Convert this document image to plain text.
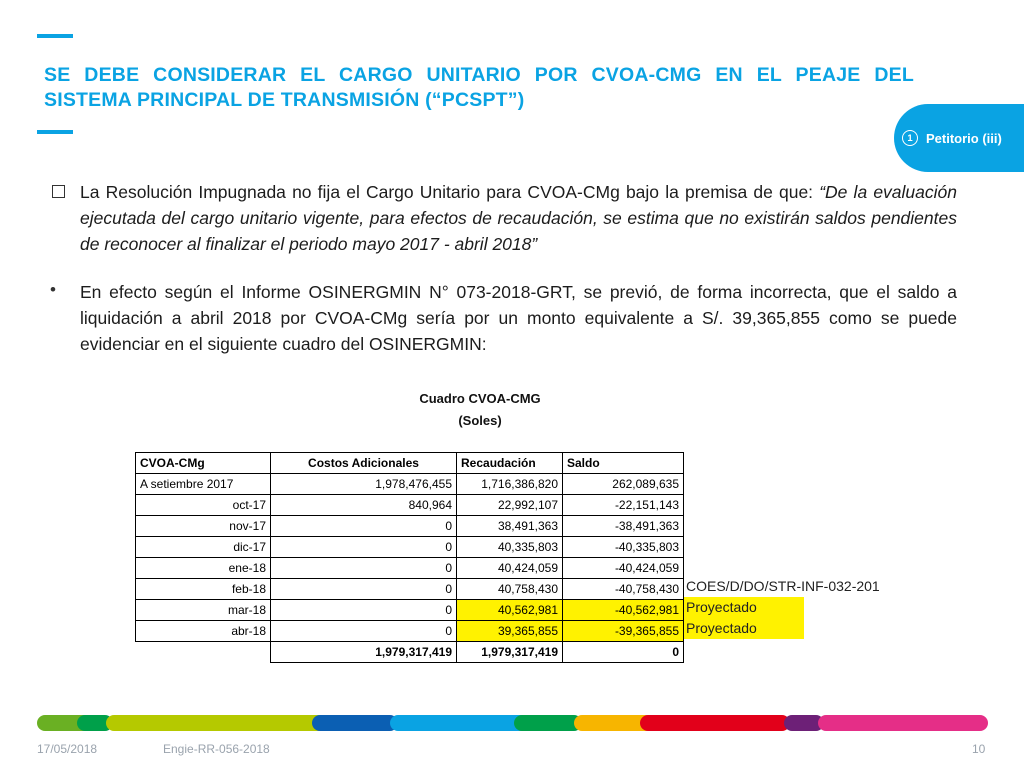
SE DEBE CONSIDERAR EL CARGO UNITARIO POR CVOA-CMG EN EL PEAJE DEL SISTEMA PRINCIPAL DE TRANSMISIÓN (“PCSPT”)
1	Petitorio (iii)
La Resolución Impugnada no fija el Cargo Unitario para CVOA-CMg bajo la premisa de que: “De la evaluación ejecutada del cargo unitario vigente, para efectos de recaudación, se estima que no existirán saldos pendientes de reconocer al finalizar el periodo mayo 2017 - abril 2018”
• En efecto según el Informe OSINERGMIN N° 073-2018-GRT, se previó, de forma incorrecta, que el saldo a liquidación a abril 2018 por CVOA-CMg sería por un monto equivalente a S/. 39,365,855 como se puede evidenciar en el siguiente cuadro del OSINERGMIN:
Cuadro CVOA-CMG
(Soles)
CVOA-CMg	Costos Adicionales	Recaudación	Saldo
A setiembre 2017	1,978,476,455	1,716,386,820	262,089,635
oct-17	840,964	22,992,107	-22,151,143
nov-17	0	38,491,363	-38,491,363
dic-17	0	40,335,803	-40,335,803
ene-18	0	40,424,059	-40,424,059
feb-18	0	40,758,430	-40,758,430
mar-18	0	40,562,981	-40,562,981
abr-18	0	39,365,855	-39,365,855
	1,979,317,419	1,979,317,419	0
COES/D/DO/STR-INF-032-201
Proyectado
Proyectado
17/05/2018	Engie-RR-056-2018	10
